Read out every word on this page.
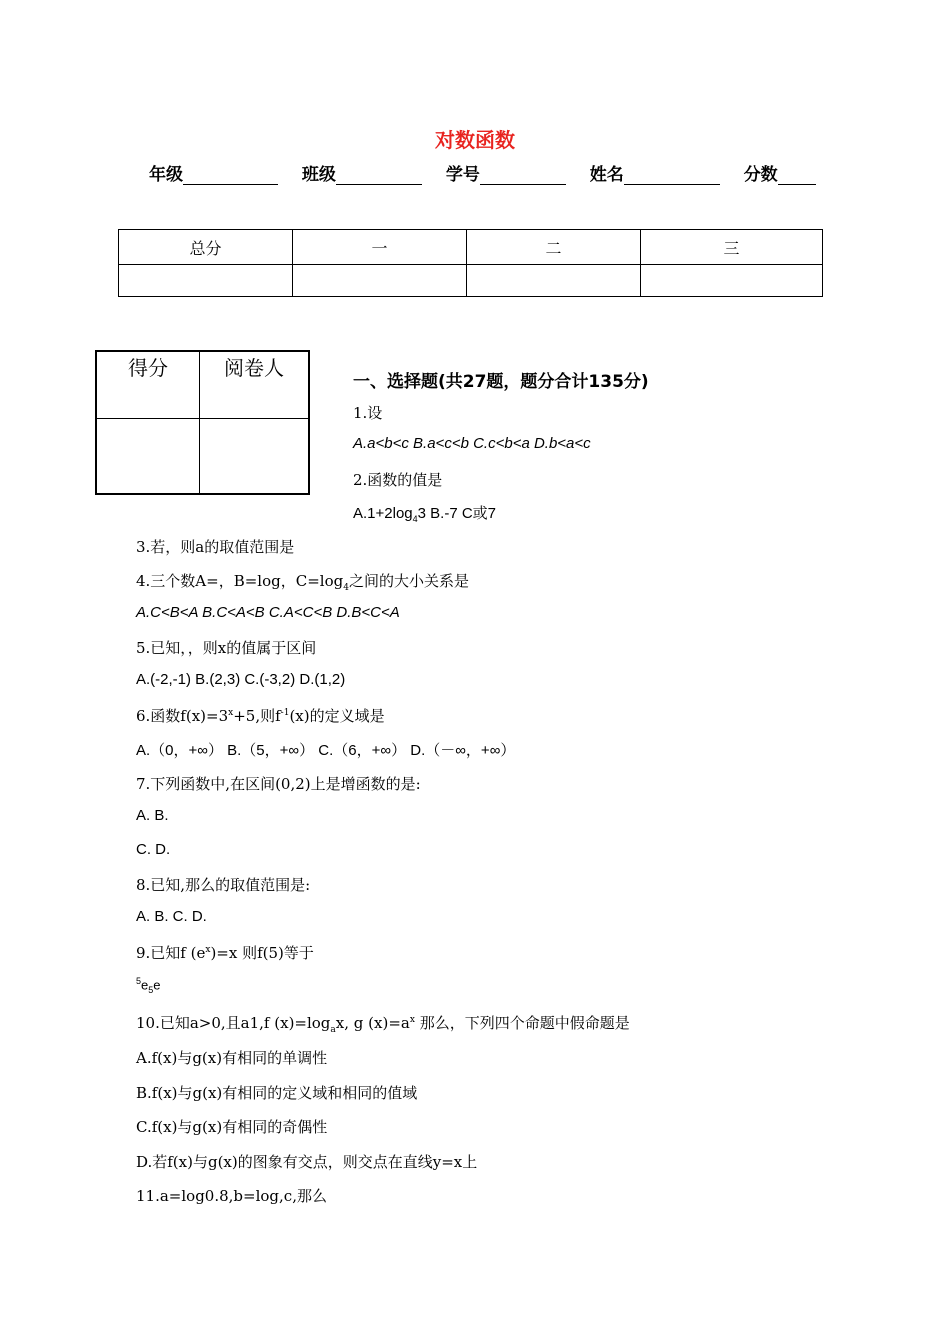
对数函数
年级	班级	学号	姓名	分数
总分	一	二	三

得分	阅卷人

一、选择题(共27题，题分合计135分)
1.设
A.a<b<c B.a<c<b C.c<b<a D.b<a<c
2.函数的值是
$A.1+2\log_43$ B.-7 C或7
3.若，则a的取值范围是
4.三个数A=，B=log，$C=\log_4$之间的大小关系是
A.C<B<A B.C<A<B C.A<C<B D.B<C<A
5.已知，，则x的值属于区间
A.(-2,-1) B.(2,3) C.(-3,2) D.(1,2)
6.函数$f(x)=3^x+5$,则$f^{-1}(x)$的定义域是
A.（0，+∞） B.（5，+∞） C.（6，+∞） D.（－∞，+∞）
7.下列函数中,在区间(0,2)上是增函数的是:
A. B.
C. D.
8.已知,那么的取值范围是:
A. B. C. D.
9.已知f $(e^x)=x$ 则f(5)等于
$^5e_5e$
10.已知a>0,且a1,f $(x)=\log_ax$, g $(x)=a^x$ 那么，下列四个命题中假命题是
A.f(x)与g(x)有相同的单调性
B.f(x)与g(x)有相同的定义域和相同的值域
C.f(x)与g(x)有相同的奇偶性
D.若f(x)与g(x)的图象有交点，则交点在直线y=x上
11.a=log0.8,b=log,c,那么
